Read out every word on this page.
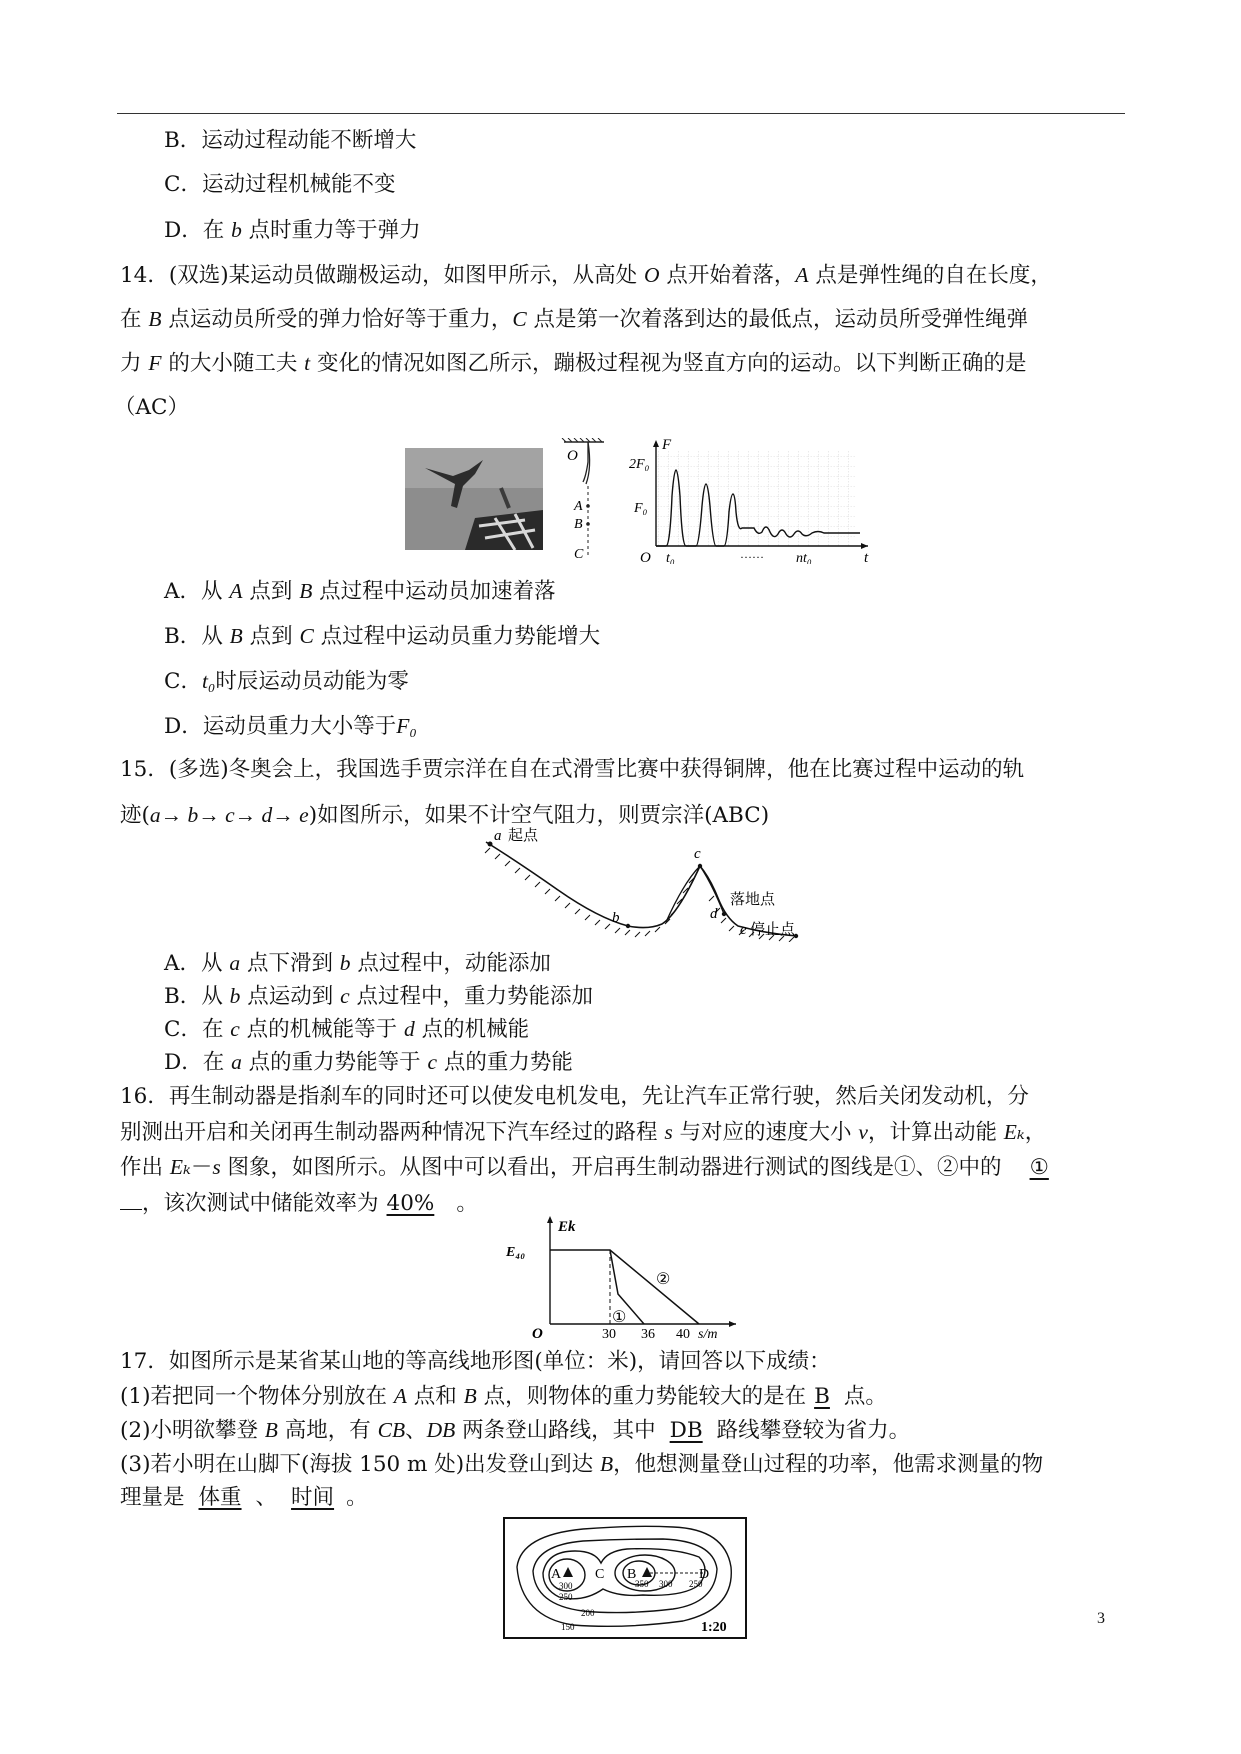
B．运动过程动能不断增大
C．运动过程机械能不变
D．在 b 点时重力等于弹力
14．(双选)某运动员做蹦极运动，如图甲所示，从高处 O 点开始着落，A 点是弹性绳的自在长度，
在 B 点运动员所受的弹力恰好等于重力，C 点是第一次着落到达的最低点，运动员所受弹性绳弹
力 F 的大小随工夫 t 变化的情况如图乙所示，蹦极过程视为竖直方向的运动。以下判断正确的是
（AC）
O
A
B
C
2F₀
F₀
F
O t₀	…… nt₀	t
A．从 A 点到 B 点过程中运动员加速着落
B．从 B 点到 C 点过程中运动员重力势能增大
C．t₀时辰运动员动能为零
D．运动员重力大小等于F₀
15．(多选)冬奥会上，我国选手贾宗洋在自在式滑雪比赛中获得铜牌，他在比赛过程中运动的轨
迹(a→ b→ c→ d→ e)如图所示，如果不计空气阻力，则贾宗洋(ABC)
a 起点
b
c
d
落地点
e 停止点
A．从 a 点下滑到 b 点过程中，动能添加
B．从 b 点运动到 c 点过程中，重力势能添加
C．在 c 点的机械能等于 d 点的机械能
D．在 a 点的重力势能等于 c 点的重力势能
16．再生制动器是指刹车的同时还可以使发电机发电，先让汽车正常行驶，然后关闭发动机，分
别测出开启和关闭再生制动器两种情况下汽车经过的路程 s 与对应的速度大小 v，计算出动能 Eₖ，
作出 Eₖ－s 图象，如图所示。从图中可以看出，开启再生制动器进行测试的图线是①、②中的 ①
，该次测试中储能效率为 40% 。
Ek
E₄₀
O	30 36 40 s/m
①
②
17．如图所示是某省某山地的等高线地形图(单位：米)，请回答以下成绩：
(1)若把同一个物体分别放在 A 点和 B 点，则物体的重力势能较大的是在 B 点。
(2)小明欲攀登 B 高地，有 CB、DB 两条登山路线，其中 DB 路线攀登较为省力。
(3)若小明在山脚下(海拔 150 m 处)出发登山到达 B，他想测量登山过程的功率，他需求测量的物
理量是 体重 、 时间 。
A C B	D
300
250
200
150
350 300 250
1:20
3
